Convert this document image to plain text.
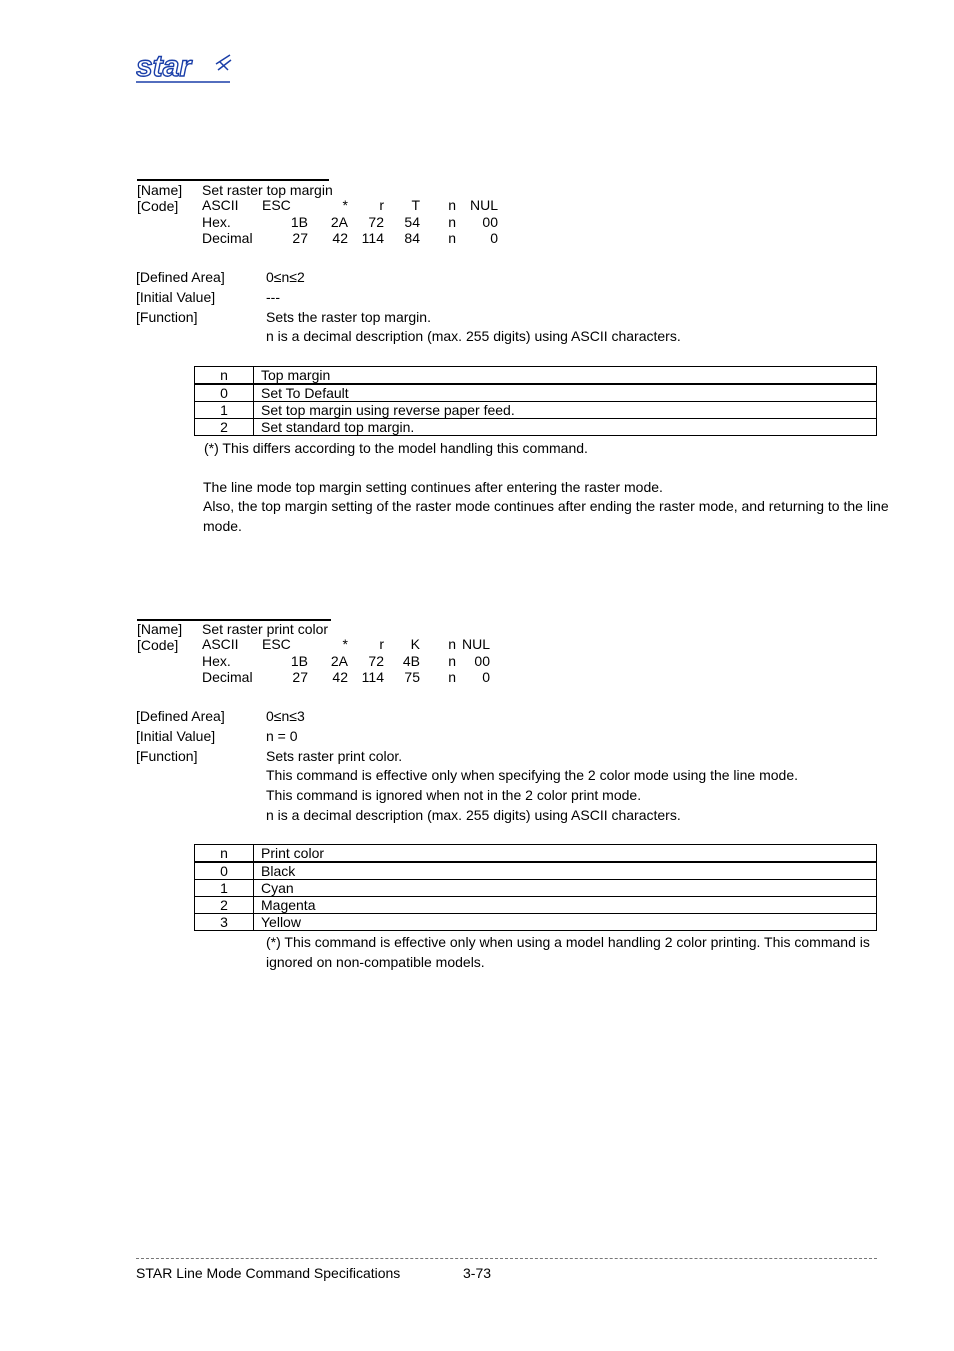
star
[Name] Set raster top margin
[Code] ASCII	ESC	*	r	T	n	NUL
Hex.	1B	2A	72	54	n	00
Decimal	27	42	114	84	n	0
[Defined Area]	0≤n≤2
[Initial Value]	---
[Function]	Sets the raster top margin.
n is a decimal description (max. 255 digits) using ASCII characters.
n	Top margin
0	Set To Default
1	Set top margin using reverse paper feed.
2	Set standard top margin.
(*) This differs according to the model handling this command.
The line mode top margin setting continues after entering the raster mode.
Also, the top margin setting of the raster mode continues after ending the raster mode, and returning to the line mode.
[Name] Set raster print color
[Code] ASCII	ESC	*	r	K	n	NUL
Hex.	1B	2A	72	4B	n	00
Decimal	27	42	114	75	n	0
[Defined Area]	0≤n≤3
[Initial Value]	n = 0
[Function]	Sets raster print color.
This command is effective only when specifying the 2 color mode using the line mode.
This command is ignored when not in the 2 color print mode.
n is a decimal description (max. 255 digits) using ASCII characters.
n	Print color
0	Black
1	Cyan
2	Magenta
3	Yellow
(*) This command is effective only when using a model handling 2 color printing. This command is ignored on non-compatible models.
STAR Line Mode Command Specifications	3-73
